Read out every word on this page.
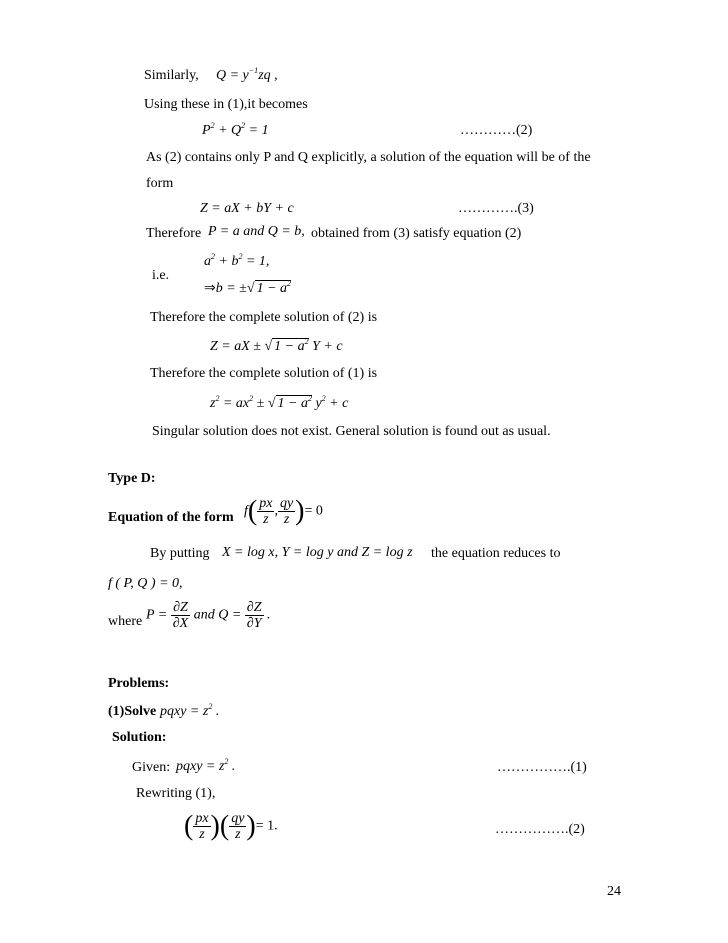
Similarly, $Q = y^{-1}zq$ ,
Using these in (1),it becomes
$P^2 + Q^2 = 1$	…………(2)
As (2) contains only P and Q explicitly, a solution of the equation will be of the
form
Z = aX + bY + c	………….(3)
Therefore P = a and Q = b, obtained from (3) satisfy equation (2)
$a^2 + b^2 = 1$,
i.e.
⇒b = ±√ $1 - a^2$
Therefore the complete solution of (2) is
Z = aX ± √ $1 - a^2$ Y + c
Therefore the complete solution of (1) is
$z^2 = ax^2$ ± √ $1 - a^2$ $y^2 + c$
Singular solution does not exist. General solution is found out as usual.
Type D:
Equation of the form $f( \frac{px}{z}$ , $\frac{qy}{z}$ )= 0
By putting X = log x, Y = log y and Z = log z the equation reduces to
f ( P, Q ) = 0,
where $P = \frac{\partial Z}{\partial X}$ and $Q = \frac{\partial Z}{\partial Y}$ .
Problems:
(1)Solve pqxy = $z^2$ .
Solution:
Given: pqxy = $z^2$ .	…………….(1)
Rewriting (1),
( $\frac{px}{z}$ )( $\frac{qy}{z}$ )= 1.	…………….(2)
24
